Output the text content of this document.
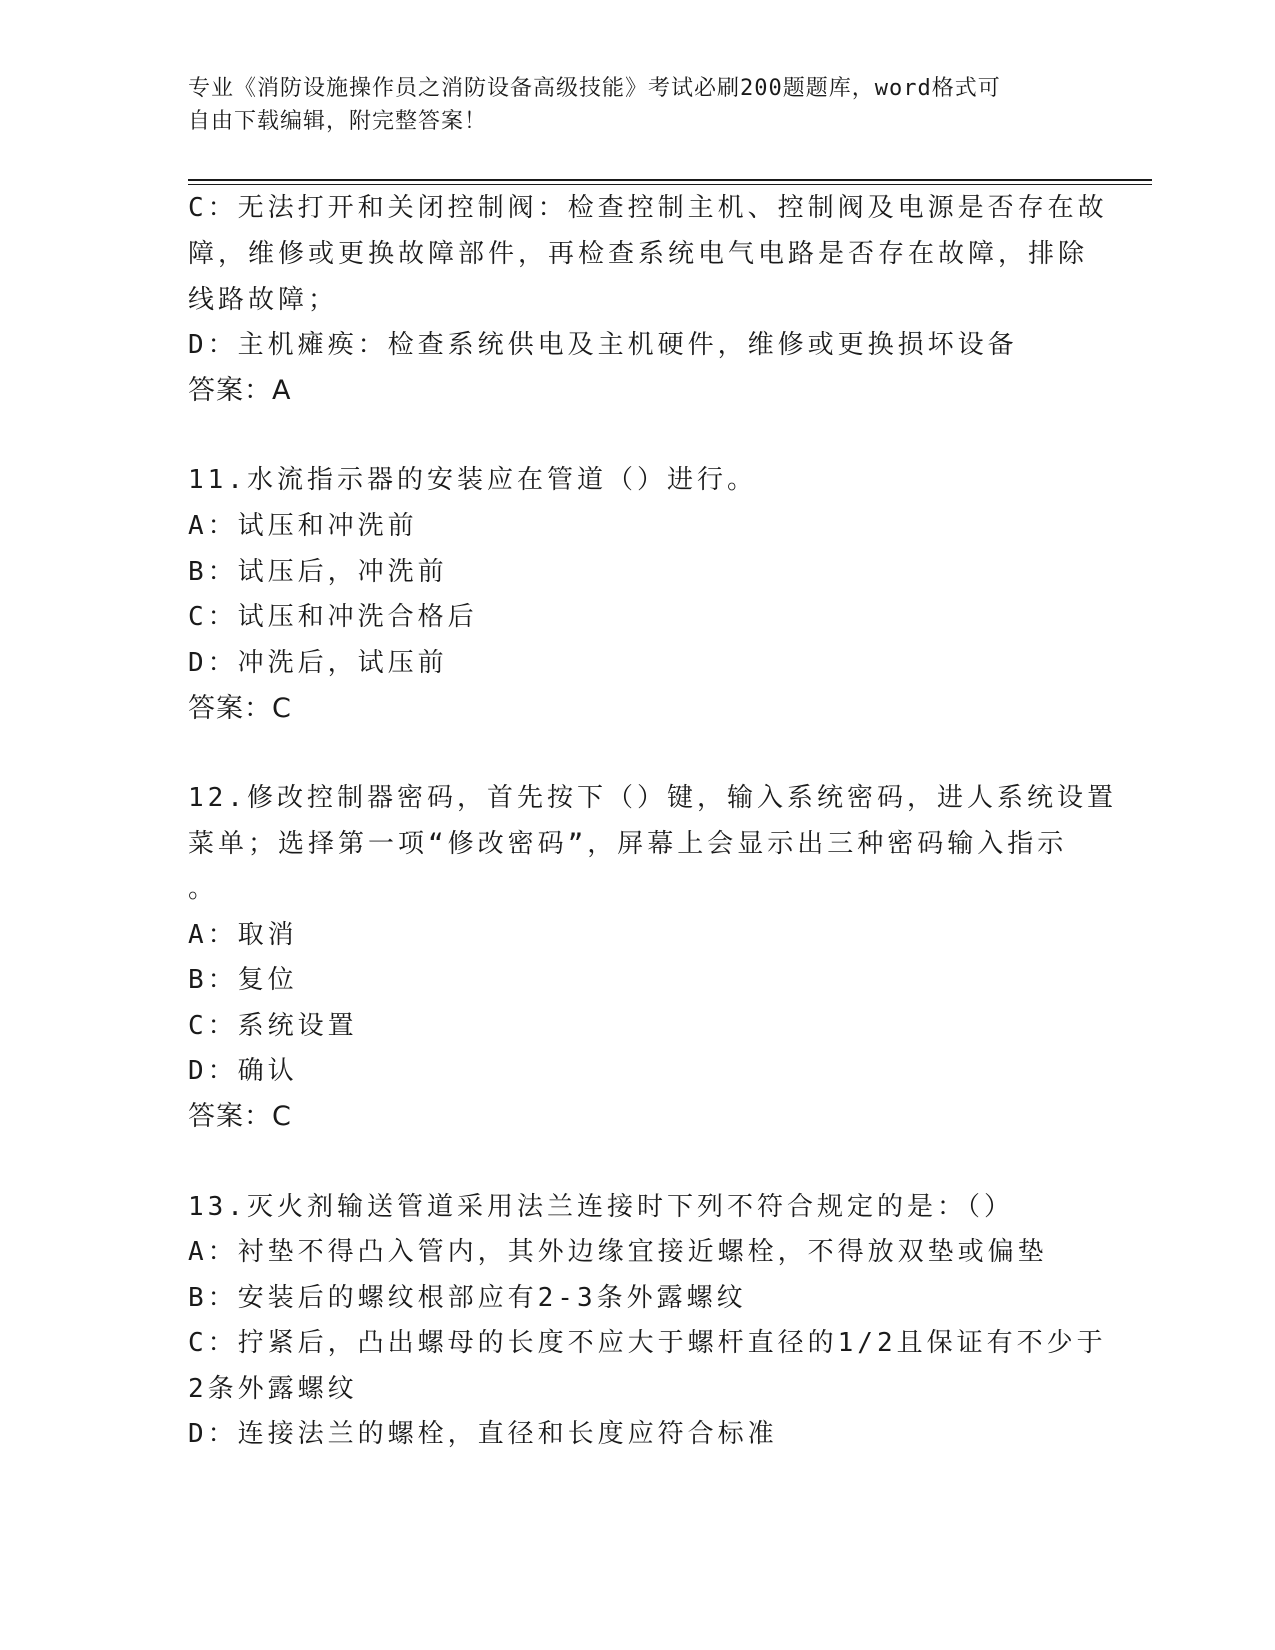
专业《消防设施操作员之消防设备高级技能》考试必刷200题题库，word格式可
自由下载编辑，附完整答案！

C：无法打开和关闭控制阀：检查控制主机、控制阀及电源是否存在故

障，维修或更换故障部件，再检查系统电气电路是否存在故障，排除

线路故障；

D：主机瘫痪：检查系统供电及主机硬件，维修或更换损坏设备

答案：A

11.水流指示器的安装应在管道（）进行。

A：试压和冲洗前

B：试压后，冲洗前

C：试压和冲洗合格后

D：冲洗后，试压前

答案：C

12.修改控制器密码，首先按下（）键，输入系统密码，进人系统设置

菜单；选择第一项“修改密码”，屏幕上会显示出三种密码输入指示

。

A：取消

B：复位

C：系统设置

D：确认

答案：C

13.灭火剂输送管道采用法兰连接时下列不符合规定的是：（）

A：衬垫不得凸入管内，其外边缘宜接近螺栓，不得放双垫或偏垫

B：安装后的螺纹根部应有2-3条外露螺纹

C：拧紧后，凸出螺母的长度不应大于螺杆直径的1/2且保证有不少于

2条外露螺纹

D：连接法兰的螺栓，直径和长度应符合标准
